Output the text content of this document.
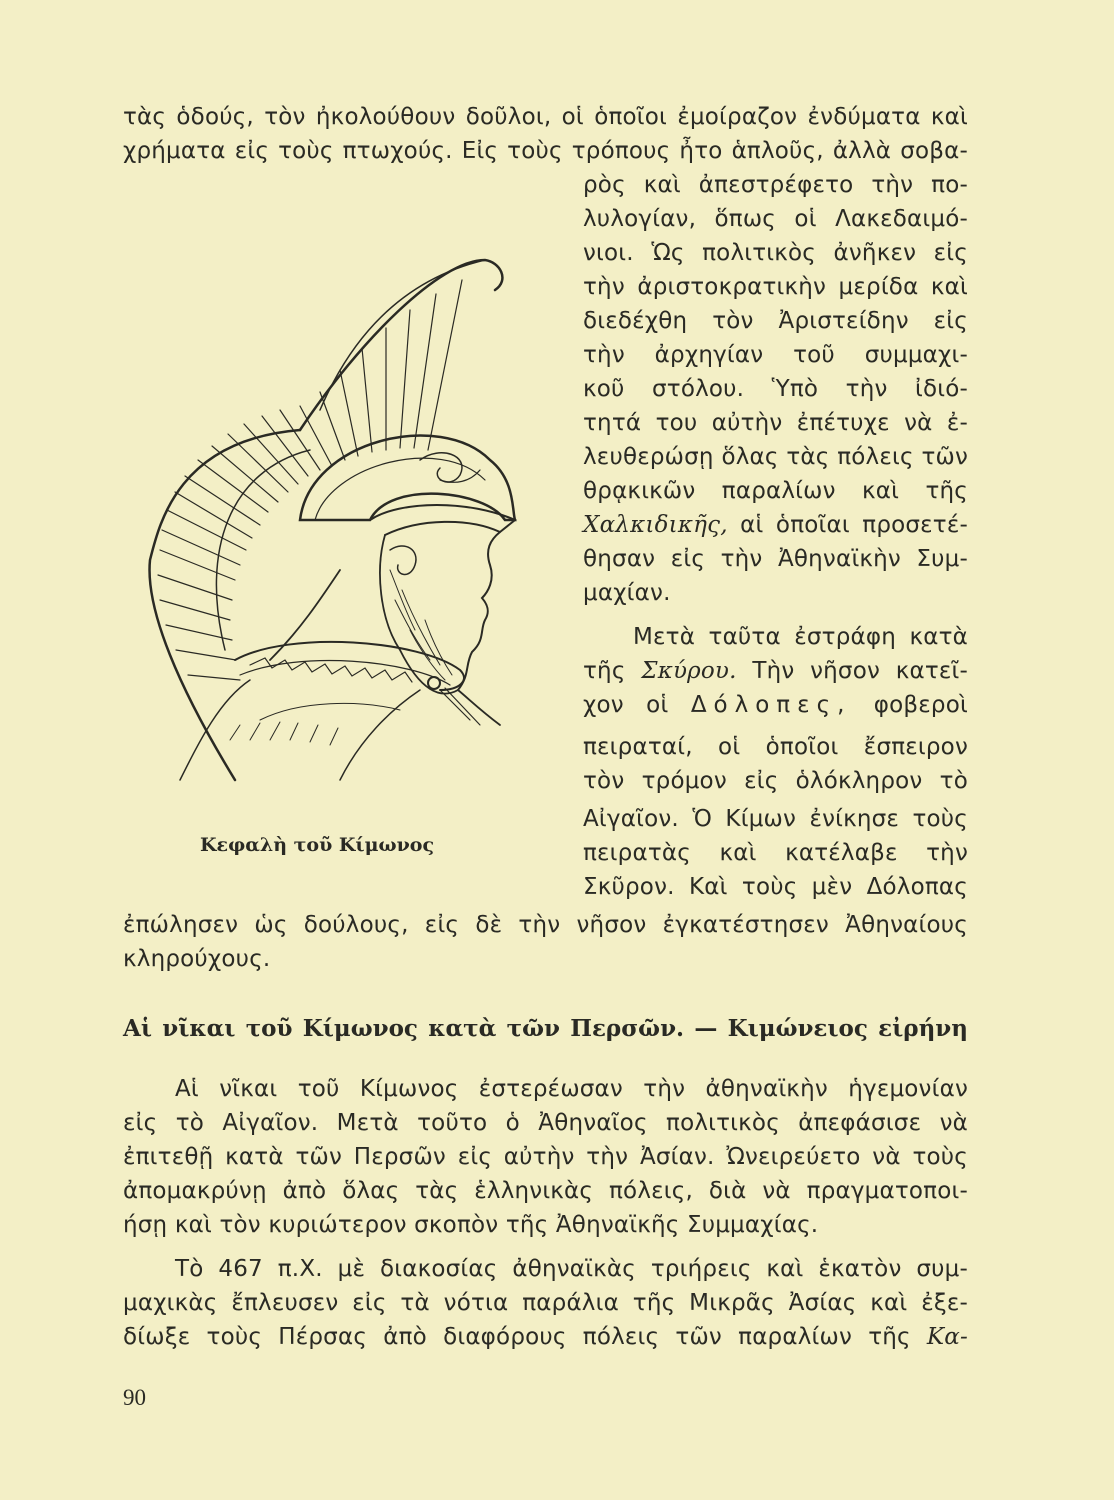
τὰς ὁδούς, τὸν ἠκολούθουν δοῦλοι, οἱ ὁποῖοι ἐμοίραζον ἐνδύματα καὶ
χρήματα εἰς τοὺς πτωχούς. Εἰς τοὺς τρόπους ἦτο ἁπλοῦς, ἀλλὰ σοβα-
ρὸς καὶ ἀπεστρέφετο τὴν πο-
λυλογίαν, ὅπως οἱ Λακεδαιμό-
νιοι. Ὡς πολιτικὸς ἀνῆκεν εἰς
τὴν ἀριστοκρατικὴν μερίδα καὶ
διεδέχθη τὸν Ἀριστείδην εἰς
τὴν ἀρχηγίαν τοῦ συμμαχι-
κοῦ στόλου. Ὑπὸ τὴν ἰδιό-
τητά του αὐτὴν ἐπέτυχε νὰ ἐ-
λευθερώσῃ ὅλας τὰς πόλεις τῶν
θρᾳκικῶν παραλίων καὶ τῆς
Χαλκιδικῆς, αἱ ὁποῖαι προσετέ-
θησαν εἰς τὴν Ἀθηναϊκὴν Συμ-
μαχίαν.
Μετὰ ταῦτα ἐστράφη κατὰ
τῆς Σκύρου. Τὴν νῆσον κατεῖ-
χον οἱ Δόλοπες, φοβεροὶ
πειραταί, οἱ ὁποῖοι ἔσπειρον
τὸν τρόμον εἰς ὁλόκληρον τὸ
Αἰγαῖον. Ὁ Κίμων ἐνίκησε τοὺς
πειρατὰς καὶ κατέλαβε τὴν
Σκῦρον. Καὶ τοὺς μὲν Δόλοπας
ἐπώλησεν ὡς δούλους, εἰς δὲ τὴν νῆσον ἐγκατέστησεν Ἀθηναίους
κληρούχους.
Κεφαλὴ τοῦ Κίμωνος
Αἱ νῖκαι τοῦ Κίμωνος κατὰ τῶν Περσῶν. — Κιμώνειος εἰρήνη
Αἱ νῖκαι τοῦ Κίμωνος ἐστερέωσαν τὴν ἀθηναϊκὴν ἡγεμονίαν
εἰς τὸ Αἰγαῖον. Μετὰ τοῦτο ὁ Ἀθηναῖος πολιτικὸς ἀπεφάσισε νὰ
ἐπιτεθῇ κατὰ τῶν Περσῶν εἰς αὐτὴν τὴν Ἀσίαν. Ὠνειρεύετο νὰ τοὺς
ἀπομακρύνῃ ἀπὸ ὅλας τὰς ἑλληνικὰς πόλεις, διὰ νὰ πραγματοποι-
ήσῃ καὶ τὸν κυριώτερον σκοπὸν τῆς Ἀθηναϊκῆς Συμμαχίας.
Τὸ 467 π.Χ. μὲ διακοσίας ἀθηναϊκὰς τριήρεις καὶ ἑκατὸν συμ-
μαχικὰς ἔπλευσεν εἰς τὰ νότια παράλια τῆς Μικρᾶς Ἀσίας καὶ ἐξε-
δίωξε τοὺς Πέρσας ἀπὸ διαφόρους πόλεις τῶν παραλίων τῆς Κα-
90
